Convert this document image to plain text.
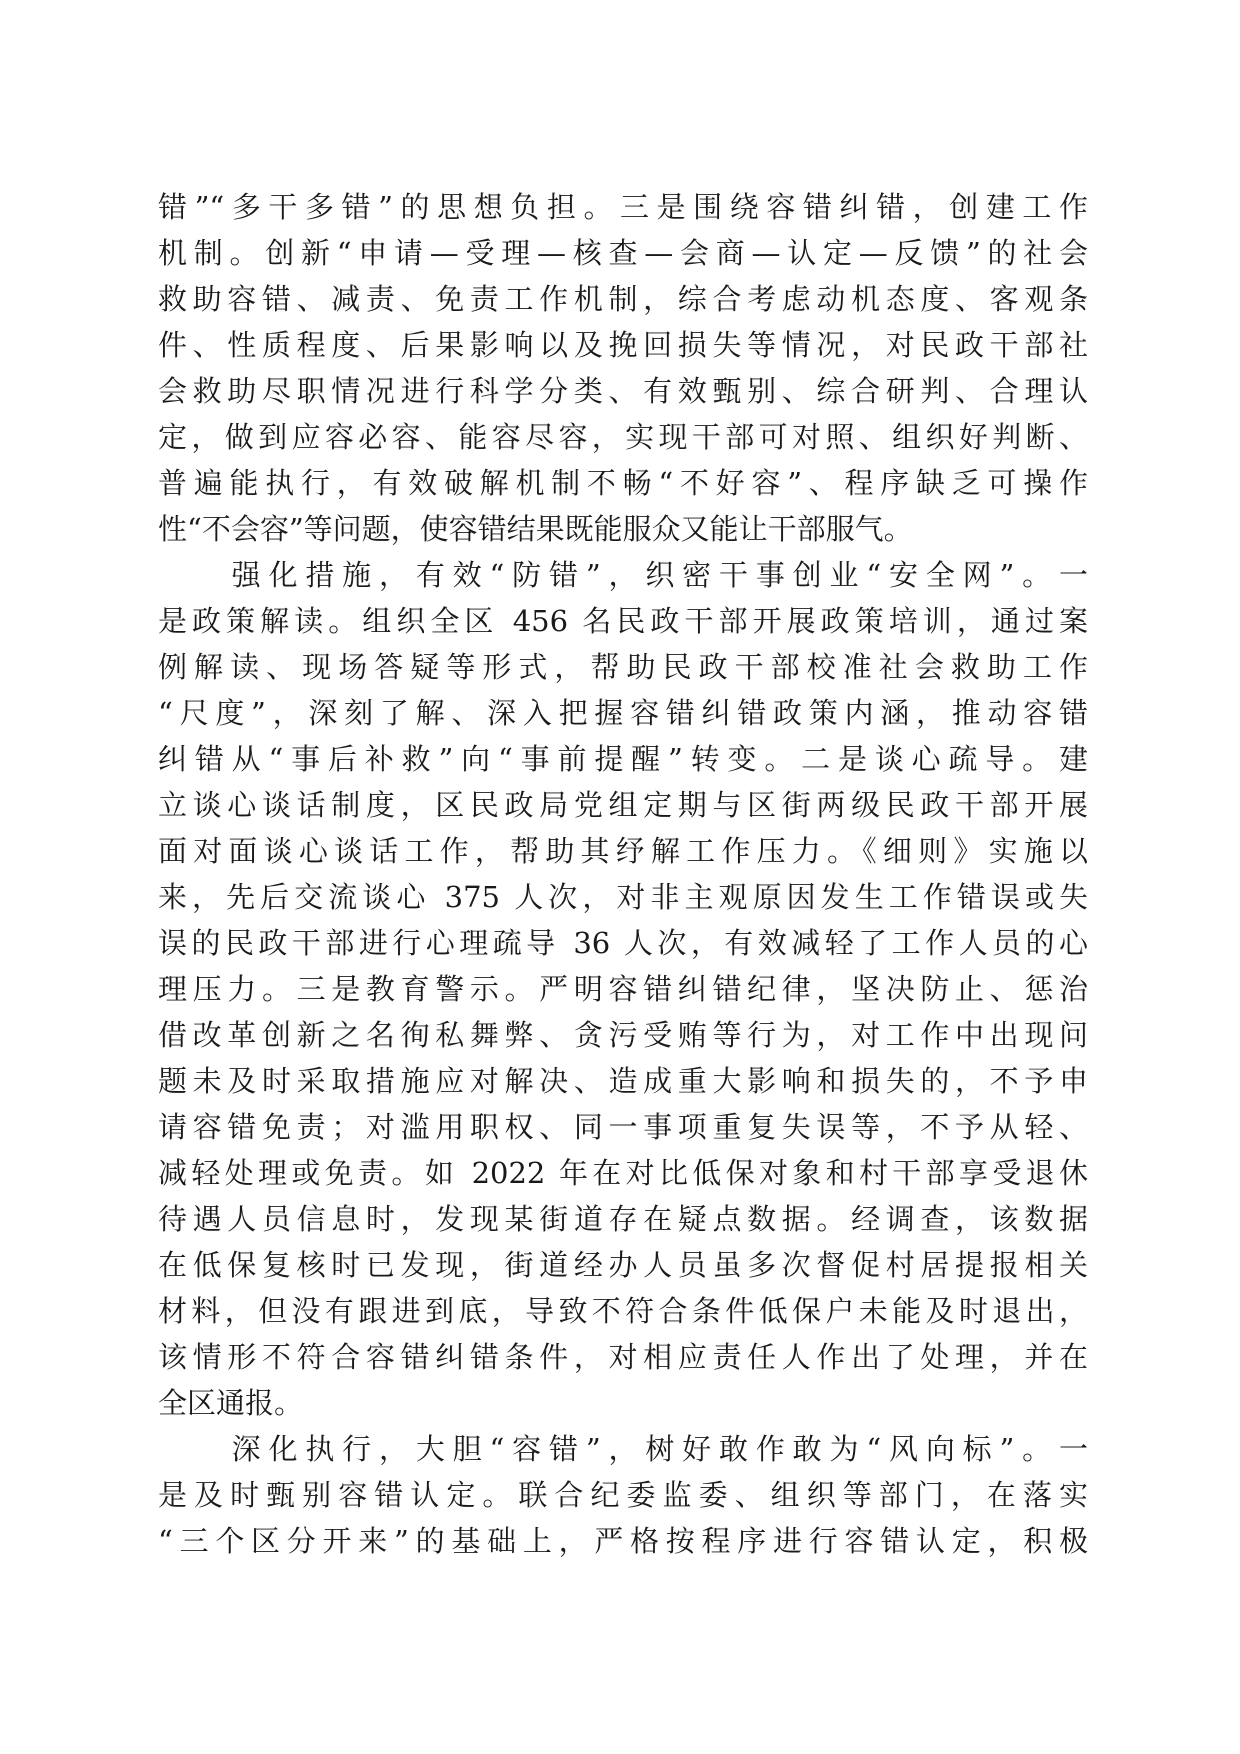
错”“多干多错”的思想负担。三是围绕容错纠错，创建工作
机制。创新“申请—受理—核查—会商—认定—反馈”的社会
救助容错、减责、免责工作机制，综合考虑动机态度、客观条
件、性质程度、后果影响以及挽回损失等情况，对民政干部社
会救助尽职情况进行科学分类、有效甄别、综合研判、合理认
定，做到应容必容、能容尽容，实现干部可对照、组织好判断、
普遍能执行，有效破解机制不畅“不好容”、程序缺乏可操作
性“不会容”等问题，使容错结果既能服众又能让干部服气。
　　强化措施，有效“防错”，织密干事创业“安全网”。一
是政策解读。组织全区 456 名民政干部开展政策培训，通过案
例解读、现场答疑等形式，帮助民政干部校准社会救助工作
“尺度”，深刻了解、深入把握容错纠错政策内涵，推动容错
纠错从“事后补救”向“事前提醒”转变。二是谈心疏导。建
立谈心谈话制度，区民政局党组定期与区街两级民政干部开展
面对面谈心谈话工作，帮助其纾解工作压力。《细则》实施以
来，先后交流谈心 375 人次，对非主观原因发生工作错误或失
误的民政干部进行心理疏导 36 人次，有效减轻了工作人员的心
理压力。三是教育警示。严明容错纠错纪律，坚决防止、惩治
借改革创新之名徇私舞弊、贪污受贿等行为，对工作中出现问
题未及时采取措施应对解决、造成重大影响和损失的，不予申
请容错免责；对滥用职权、同一事项重复失误等，不予从轻、
减轻处理或免责。如 2022 年在对比低保对象和村干部享受退休
待遇人员信息时，发现某街道存在疑点数据。经调查，该数据
在低保复核时已发现，街道经办人员虽多次督促村居提报相关
材料，但没有跟进到底，导致不符合条件低保户未能及时退出，
该情形不符合容错纠错条件，对相应责任人作出了处理，并在
全区通报。
　　深化执行，大胆“容错”，树好敢作敢为“风向标”。一
是及时甄别容错认定。联合纪委监委、组织等部门，在落实
“三个区分开来”的基础上，严格按程序进行容错认定，积极
